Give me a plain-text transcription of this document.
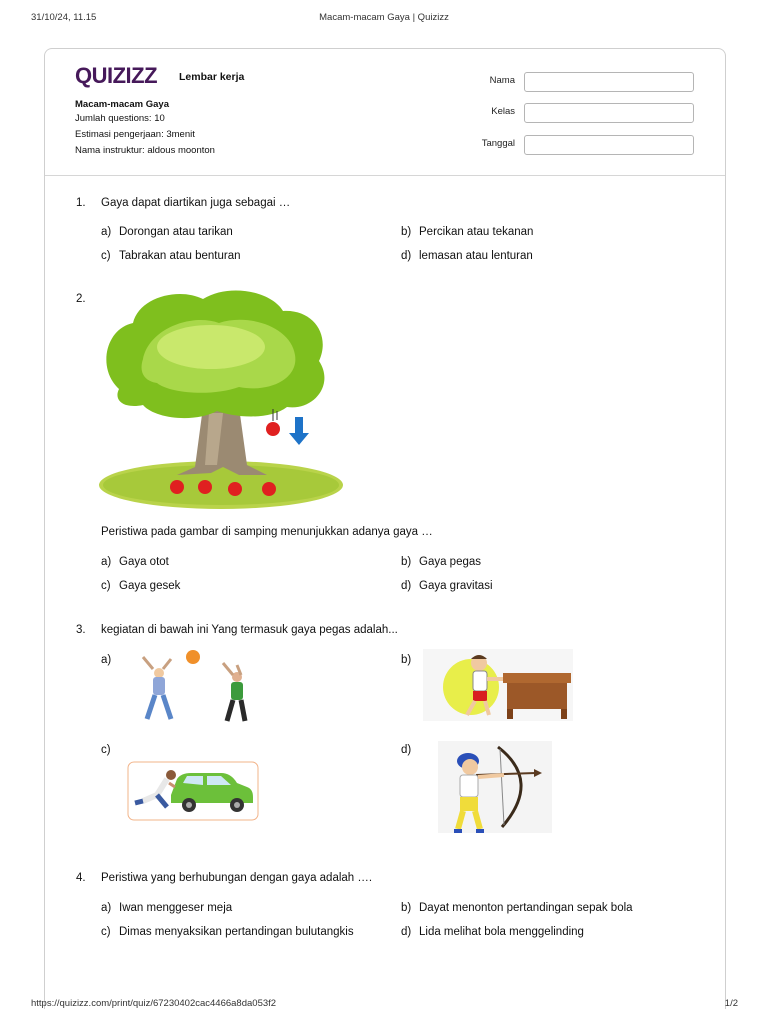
31/10/24, 11.15	Macam-macam Gaya | Quizizz
QUIZIZZ Lembar kerja
Macam-macam Gaya
Jumlah questions: 10
Estimasi pengerjaan: 3menit
Nama instruktur: aldous moonton
Nama
Kelas
Tanggal
1. Gaya dapat diartikan juga sebagai …
a) Dorongan atau tarikan	b) Percikan atau tekanan
c) Tabrakan atau benturan	d) lemasan atau lenturan
2.
Peristiwa pada gambar di samping menunjukkan adanya gaya …
a) Gaya otot	b) Gaya pegas
c) Gaya gesek	d) Gaya gravitasi
3. kegiatan di bawah ini Yang termasuk gaya pegas adalah...
a)	b)
c)	d)
4. Peristiwa yang berhubungan dengan gaya adalah ….
a) Iwan menggeser meja	b) Dayat menonton pertandingan sepak bola
c) Dimas menyaksikan pertandingan bulutangkis	d) Lida melihat bola menggelinding
https://quizizz.com/print/quiz/67230402cac4466a8da053f2	1/2
